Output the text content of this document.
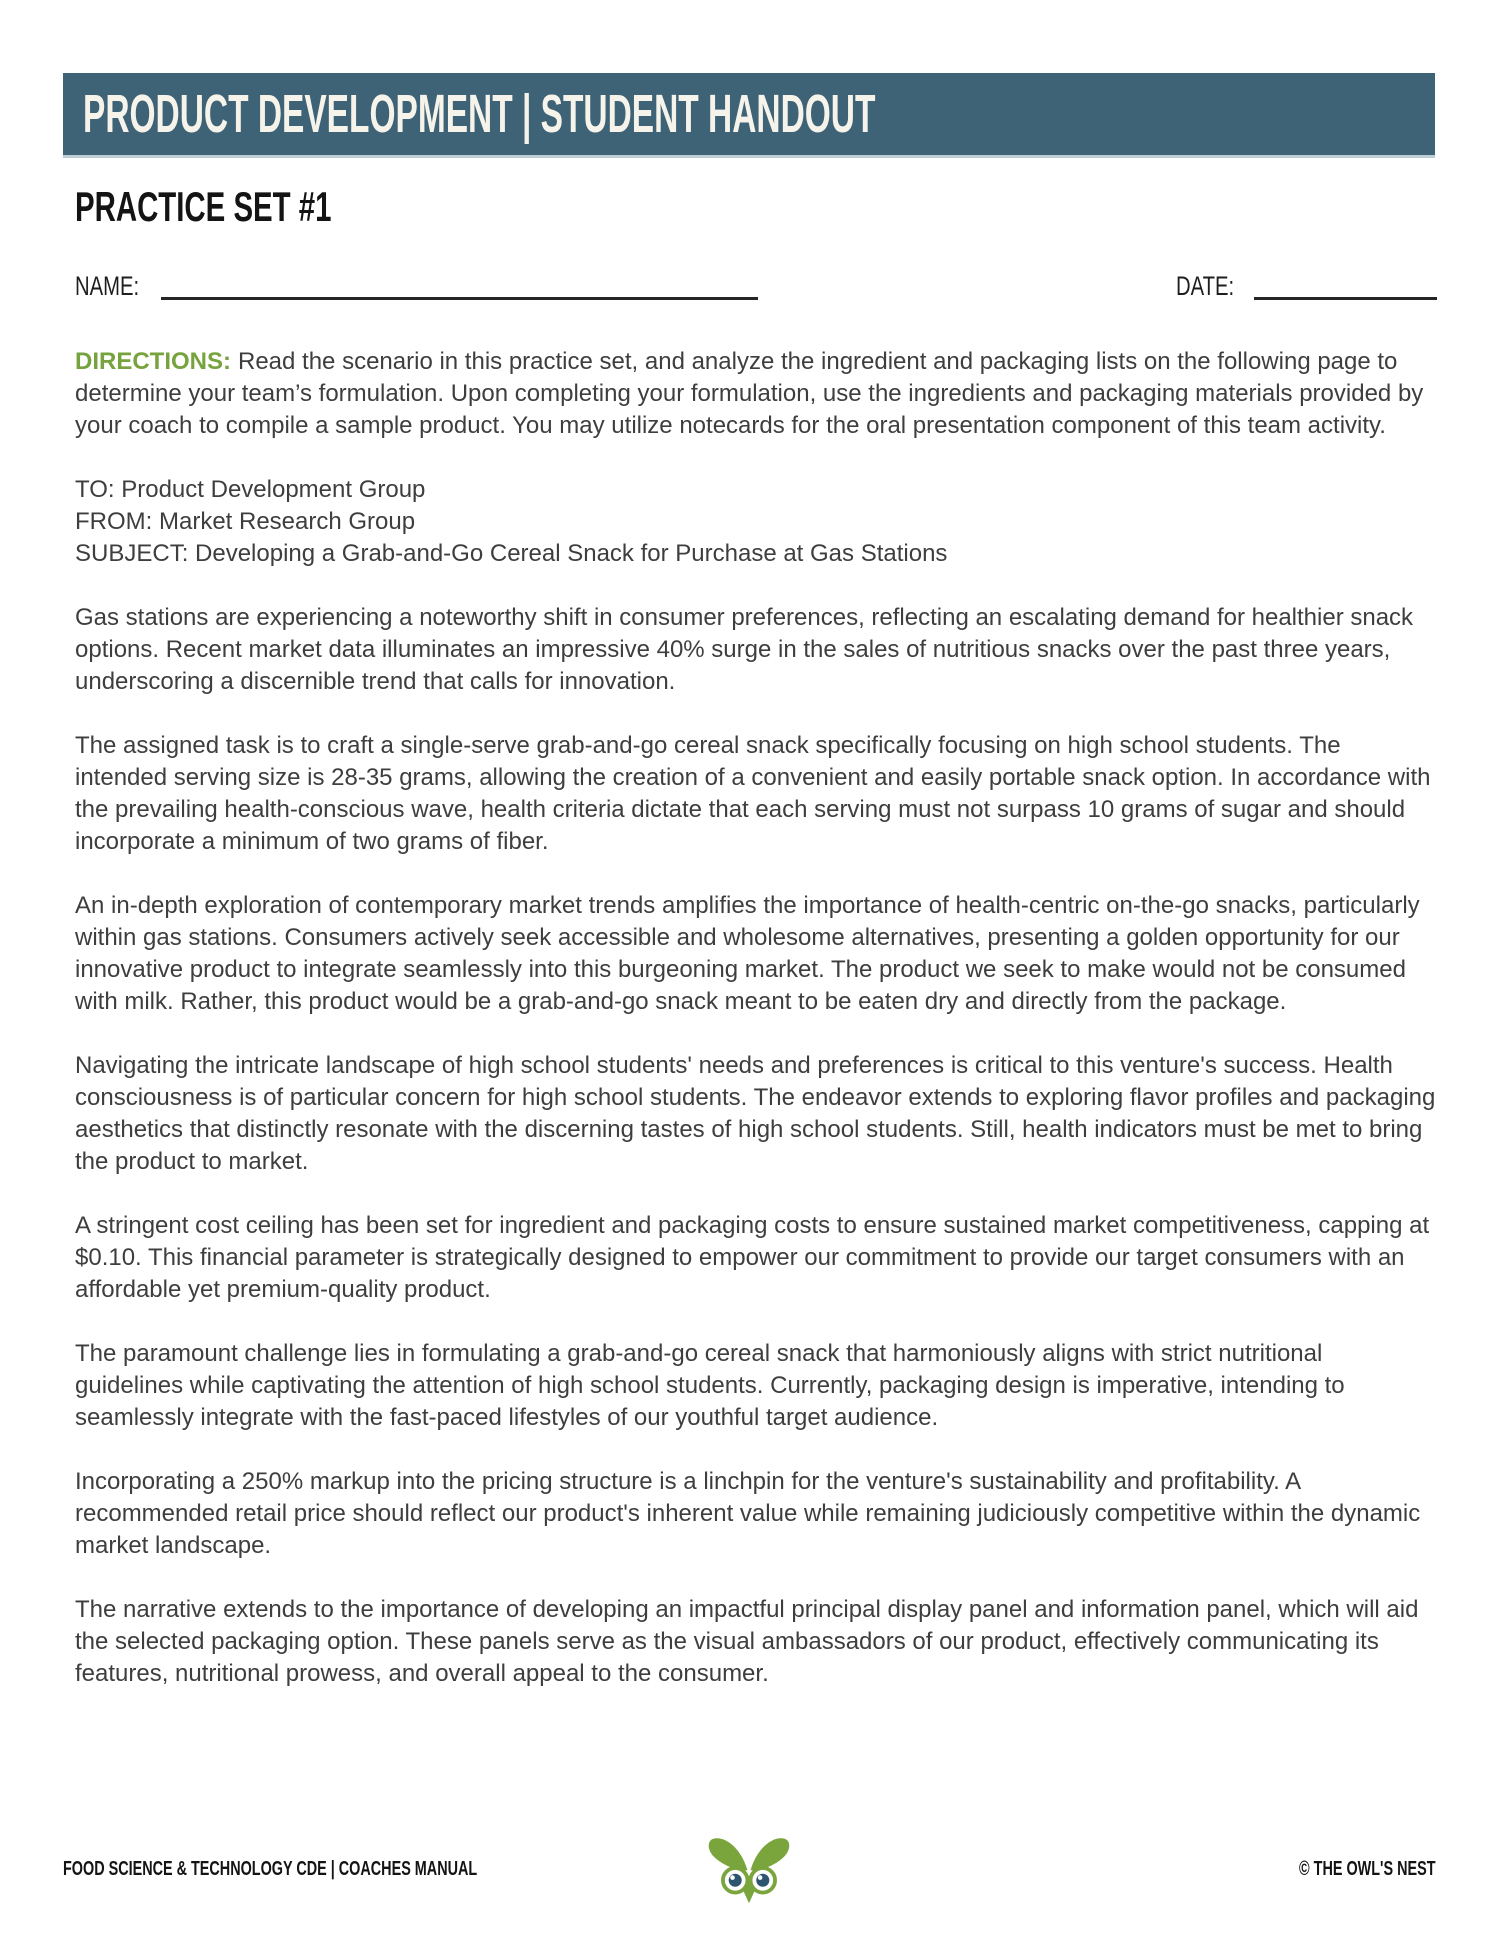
PRODUCT DEVELOPMENT | STUDENT HANDOUT
PRACTICE SET #1
NAME:	DATE:

DIRECTIONS: Read the scenario in this practice set, and analyze the ingredient and packaging lists on the following page to determine your team’s formulation. Upon completing your formulation, use the ingredients and packaging materials provided by your coach to compile a sample product. You may utilize notecards for the oral presentation component of this team activity.

TO: Product Development Group

FROM: Market Research Group

SUBJECT: Developing a Grab-and-Go Cereal Snack for Purchase at Gas Stations

Gas stations are experiencing a noteworthy shift in consumer preferences, reflecting an escalating demand for healthier snack options. Recent market data illuminates an impressive 40% surge in the sales of nutritious snacks over the past three years, underscoring a discernible trend that calls for innovation.

The assigned task is to craft a single-serve grab-and-go cereal snack specifically focusing on high school students. The intended serving size is 28-35 grams, allowing the creation of a convenient and easily portable snack option. In accordance with the prevailing health-conscious wave, health criteria dictate that each serving must not surpass 10 grams of sugar and should incorporate a minimum of two grams of fiber.

An in-depth exploration of contemporary market trends amplifies the importance of health-centric on-the-go snacks, particularly within gas stations. Consumers actively seek accessible and wholesome alternatives, presenting a golden opportunity for our innovative product to integrate seamlessly into this burgeoning market. The product we seek to make would not be consumed with milk. Rather, this product would be a grab-and-go snack meant to be eaten dry and directly from the package.

Navigating the intricate landscape of high school students' needs and preferences is critical to this venture's success. Health consciousness is of particular concern for high school students. The endeavor extends to exploring flavor profiles and packaging aesthetics that distinctly resonate with the discerning tastes of high school students. Still, health indicators must be met to bring the product to market.

A stringent cost ceiling has been set for ingredient and packaging costs to ensure sustained market competitiveness, capping at $0.10. This financial parameter is strategically designed to empower our commitment to provide our target consumers with an affordable yet premium-quality product.

The paramount challenge lies in formulating a grab-and-go cereal snack that harmoniously aligns with strict nutritional guidelines while captivating the attention of high school students. Currently, packaging design is imperative, intending to seamlessly integrate with the fast-paced lifestyles of our youthful target audience.

Incorporating a 250% markup into the pricing structure is a linchpin for the venture's sustainability and profitability. A recommended retail price should reflect our product's inherent value while remaining judiciously competitive within the dynamic market landscape.

The narrative extends to the importance of developing an impactful principal display panel and information panel, which will aid the selected packaging option. These panels serve as the visual ambassadors of our product, effectively communicating its features, nutritional prowess, and overall appeal to the consumer.

FOOD SCIENCE & TECHNOLOGY CDE | COACHES MANUAL	© THE OWL'S NEST
